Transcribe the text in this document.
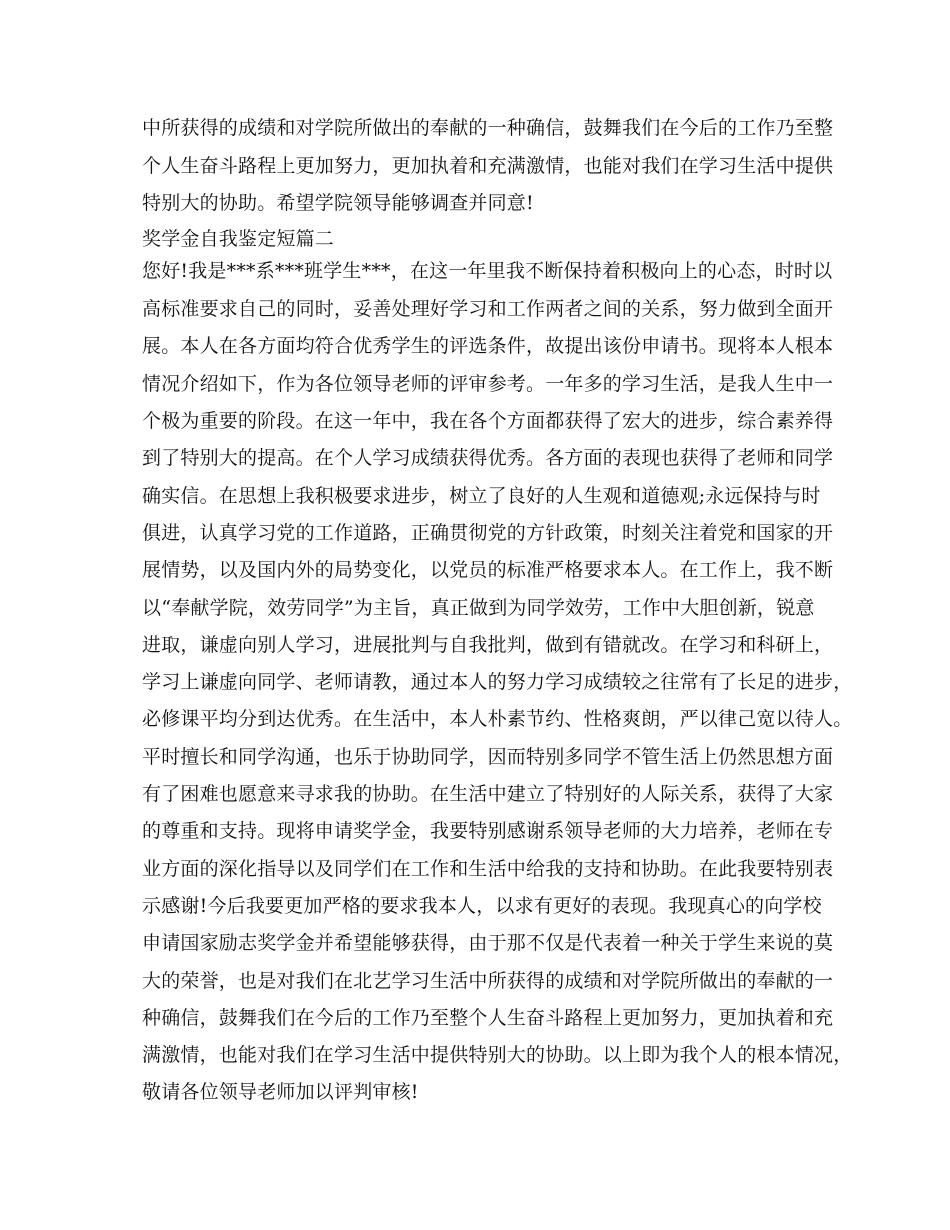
中所获得的成绩和对学院所做出的奉献的一种确信，鼓舞我们在今后的工作乃至整
个人生奋斗路程上更加努力，更加执着和充满激情，也能对我们在学习生活中提供
特别大的协助。希望学院领导能够调查并同意!
奖学金自我鉴定短篇二
您好!我是***系***班学生***，在这一年里我不断保持着积极向上的心态，时时以
高标准要求自己的同时，妥善处理好学习和工作两者之间的关系，努力做到全面开
展。本人在各方面均符合优秀学生的评选条件，故提出该份申请书。现将本人根本
情况介绍如下，作为各位领导老师的评审参考。一年多的学习生活，是我人生中一
个极为重要的阶段。在这一年中，我在各个方面都获得了宏大的进步，综合素养得
到了特别大的提高。在个人学习成绩获得优秀。各方面的表现也获得了老师和同学
确实信。在思想上我积极要求进步，树立了良好的人生观和道德观;永远保持与时
俱进，认真学习党的工作道路，正确贯彻党的方针政策，时刻关注着党和国家的开
展情势，以及国内外的局势变化，以党员的标准严格要求本人。在工作上，我不断
以“奉献学院，效劳同学”为主旨，真正做到为同学效劳，工作中大胆创新，锐意
进取，谦虚向别人学习，进展批判与自我批判，做到有错就改。在学习和科研上，
学习上谦虚向同学、老师请教，通过本人的努力学习成绩较之往常有了长足的进步，
必修课平均分到达优秀。在生活中，本人朴素节约、性格爽朗，严以律己宽以待人。
平时擅长和同学沟通，也乐于协助同学，因而特别多同学不管生活上仍然思想方面
有了困难也愿意来寻求我的协助。在生活中建立了特别好的人际关系，获得了大家
的尊重和支持。现将申请奖学金，我要特别感谢系领导老师的大力培养，老师在专
业方面的深化指导以及同学们在工作和生活中给我的支持和协助。在此我要特别表
示感谢!今后我要更加严格的要求我本人，以求有更好的表现。我现真心的向学校
申请国家励志奖学金并希望能够获得，由于那不仅是代表着一种关于学生来说的莫
大的荣誉，也是对我们在北艺学习生活中所获得的成绩和对学院所做出的奉献的一
种确信，鼓舞我们在今后的工作乃至整个人生奋斗路程上更加努力，更加执着和充
满激情，也能对我们在学习生活中提供特别大的协助。以上即为我个人的根本情况，
敬请各位领导老师加以评判审核!
